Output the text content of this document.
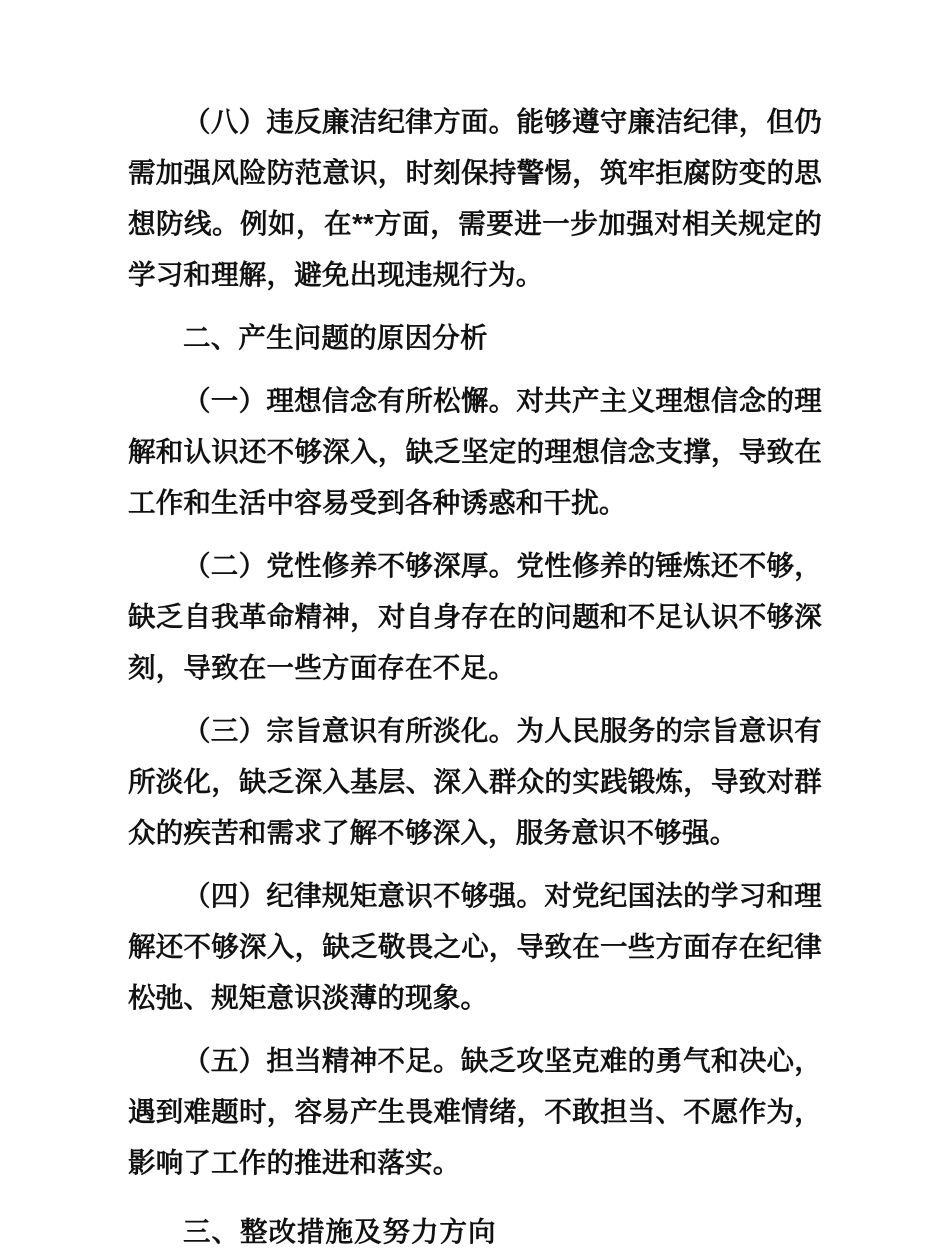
（八）违反廉洁纪律方面。能够遵守廉洁纪律，但仍需加强风险防范意识，时刻保持警惕，筑牢拒腐防变的思想防线。例如，在**方面，需要进一步加强对相关规定的学习和理解，避免出现违规行为。

二、产生问题的原因分析

（一）理想信念有所松懈。对共产主义理想信念的理解和认识还不够深入，缺乏坚定的理想信念支撑，导致在工作和生活中容易受到各种诱惑和干扰。

（二）党性修养不够深厚。党性修养的锤炼还不够，缺乏自我革命精神，对自身存在的问题和不足认识不够深刻，导致在一些方面存在不足。

（三）宗旨意识有所淡化。为人民服务的宗旨意识有所淡化，缺乏深入基层、深入群众的实践锻炼，导致对群众的疾苦和需求了解不够深入，服务意识不够强。

（四）纪律规矩意识不够强。对党纪国法的学习和理解还不够深入，缺乏敬畏之心，导致在一些方面存在纪律松弛、规矩意识淡薄的现象。

（五）担当精神不足。缺乏攻坚克难的勇气和决心，遇到难题时，容易产生畏难情绪，不敢担当、不愿作为，影响了工作的推进和落实。

三、整改措施及努力方向
